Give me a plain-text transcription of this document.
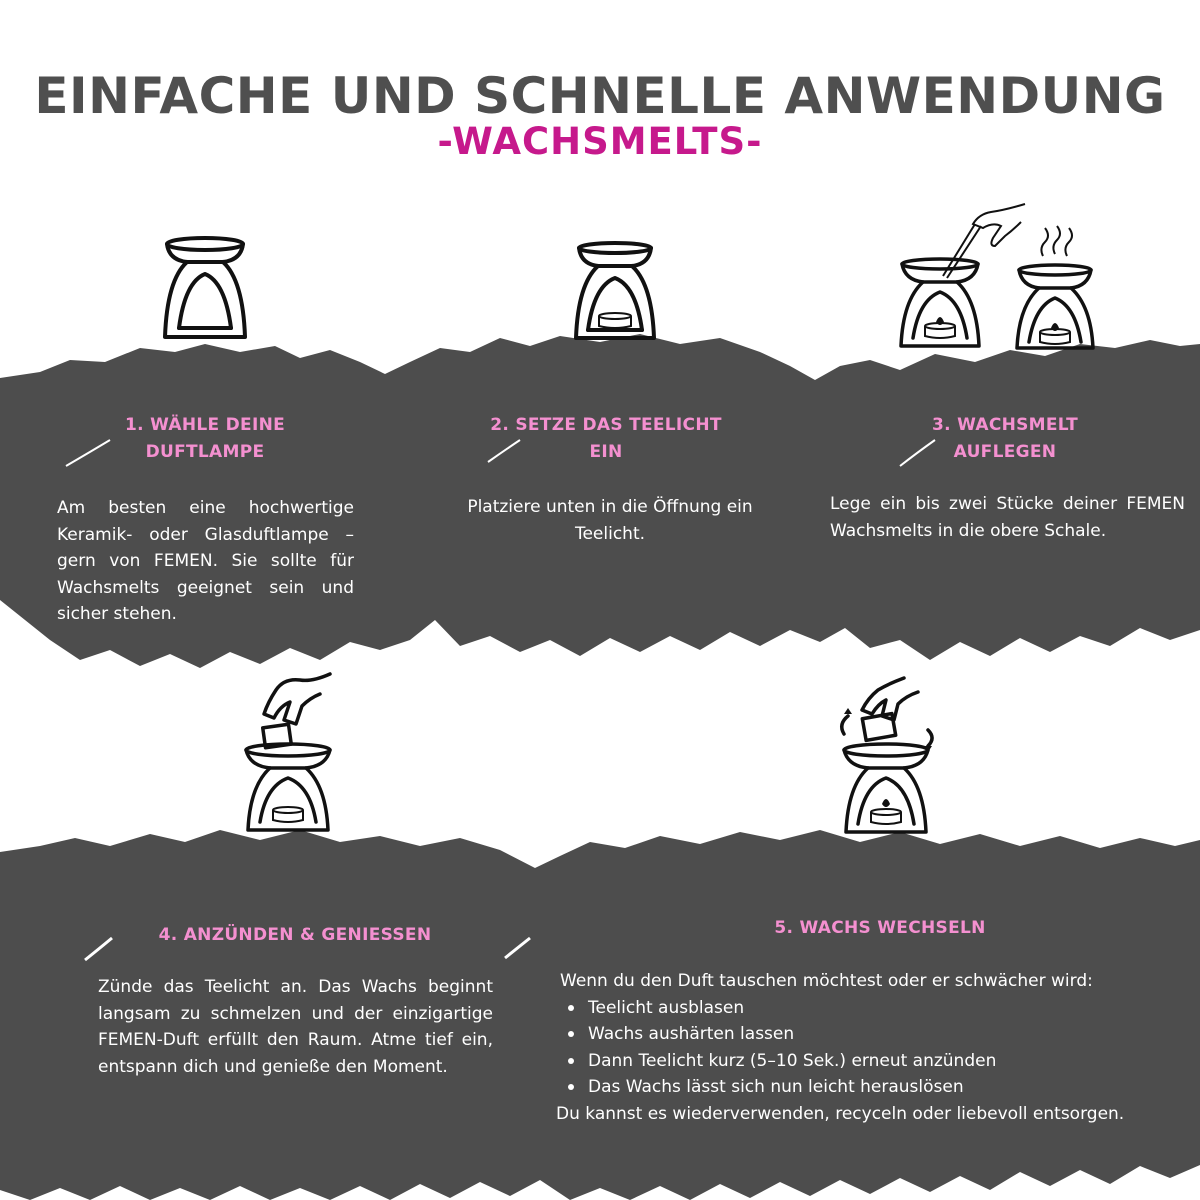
EINFACHE UND SCHNELLE ANWENDUNG
-WACHSMELTS-
1. WÄHLE DEINE
DUFTLAMPE

Am besten eine hochwertige Keramik- oder Glasduftlampe – gern von FEMEN. Sie sollte für Wachsmelts geeignet sein und sicher stehen.

2. SETZE DAS TEELICHT
EIN

Platziere unten in die Öffnung ein Teelicht.

3. WACHSMELT
AUFLEGEN

Lege ein bis zwei Stücke deiner FEMEN Wachsmelts in die obere Schale.

4. ANZÜNDEN & GENIESSEN

Zünde das Teelicht an. Das Wachs beginnt langsam zu schmelzen und der einzigartige FEMEN-Duft erfüllt den Raum. Atme tief ein, entspann dich und genieße den Moment.

5. WACHS WECHSELN
Wenn du den Duft tauschen möchtest oder er schwächer wird:
Teelicht ausblasen
Wachs aushärten lassen
Dann Teelicht kurz (5–10 Sek.) erneut anzünden
Das Wachs lässt sich nun leicht herauslösen
Du kannst es wiederverwenden, recyceln oder liebevoll entsorgen.
